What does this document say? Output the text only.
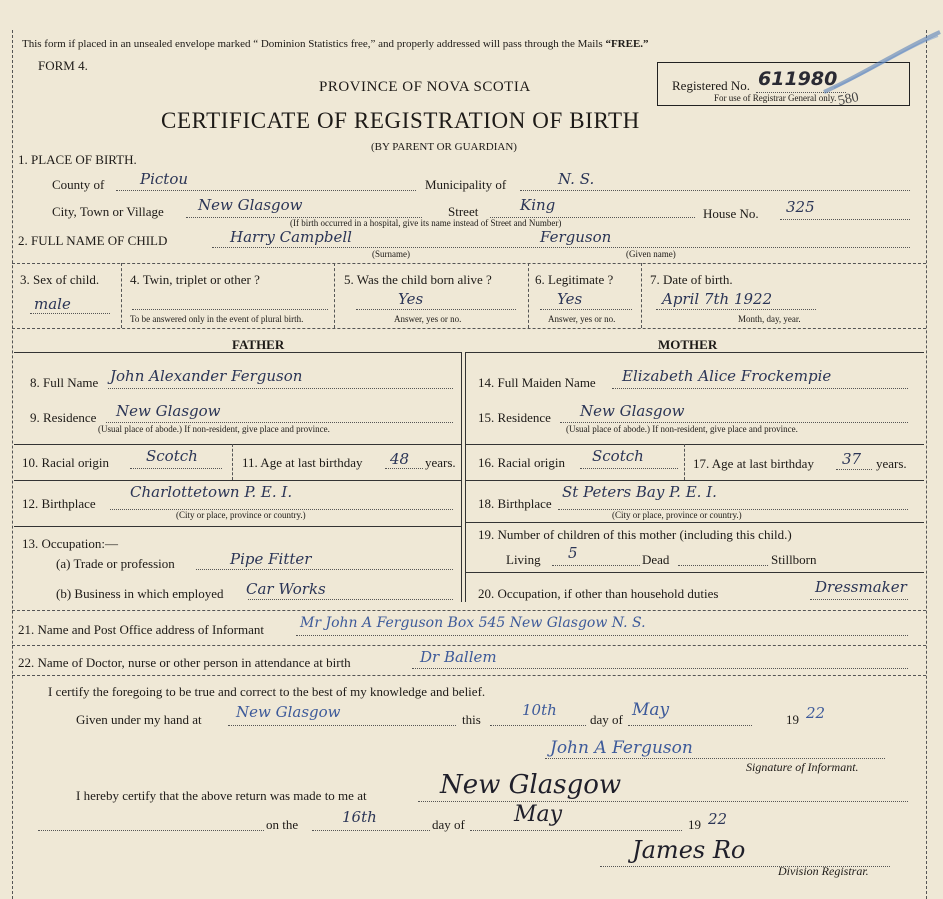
This form if placed in an unsealed envelope marked “ Dominion Statistics free,” and properly addressed will pass through the Mails “FREE.”
FORM 4.
PROVINCE OF NOVA SCOTIA
CERTIFICATE OF REGISTRATION OF BIRTH
(BY PARENT OR GUARDIAN)
Registered No. 611980
For use of Registrar General only. 580
1. PLACE OF BIRTH.
County of Pictou	Municipality of	N. S.
City, Town or Village New Glasgow	Street	King	House No. 325
(If birth occurred in a hospital, give its name instead of Street and Number)
2. FULL NAME OF CHILD	Harry Campbell	Ferguson
(Surname)	(Given name)
3. Sex of child.
male
4. Twin, triplet or other ?
To be answered only in the event of plural birth.
5. Was the child born alive ?
Yes
Answer, yes or no.
6. Legitimate ?
Yes
Answer, yes or no.
7. Date of birth.
April 7th 1922
Month, day, year.
FATHER	MOTHER
8. Full Name John Alexander Ferguson
9. Residence New Glasgow
(Usual place of abode.) If non-resident, give place and province.
10. Racial origin Scotch	11. Age at last birthday 48 years.
12. Birthplace
Charlottetown P. E. I.
(City or place, province or country.)
13. Occupation:—
(a) Trade or profession	Pipe Fitter
(b) Business in which employed Car Works
14. Full Maiden Name Elizabeth Alice Frockempie
15. Residence New Glasgow
(Usual place of abode.) If non-resident, give place and province.
16. Racial origin Scotch	17. Age at last birthday 37 years.
18. Birthplace
St Peters Bay P. E. I.
(City or place, province or country.)
19. Number of children of this mother (including this child.)
Living 5	Dead	Stillborn
20. Occupation, if other than household duties	Dressmaker
21. Name and Post Office address of Informant	Mr John A Ferguson Box 545 New Glasgow N. S.
22. Name of Doctor, nurse or other person in attendance at birth	Dr Ballem
I certify the foregoing to be true and correct to the best of my knowledge and belief.
Given under my hand at New Glasgow	this
10th
day of May	19 22
John A Ferguson
Signature of Informant.
I hereby certify that the above return was made to me at	New Glasgow
on the	16th	day of May	19 22
James Ro
Division Registrar.
